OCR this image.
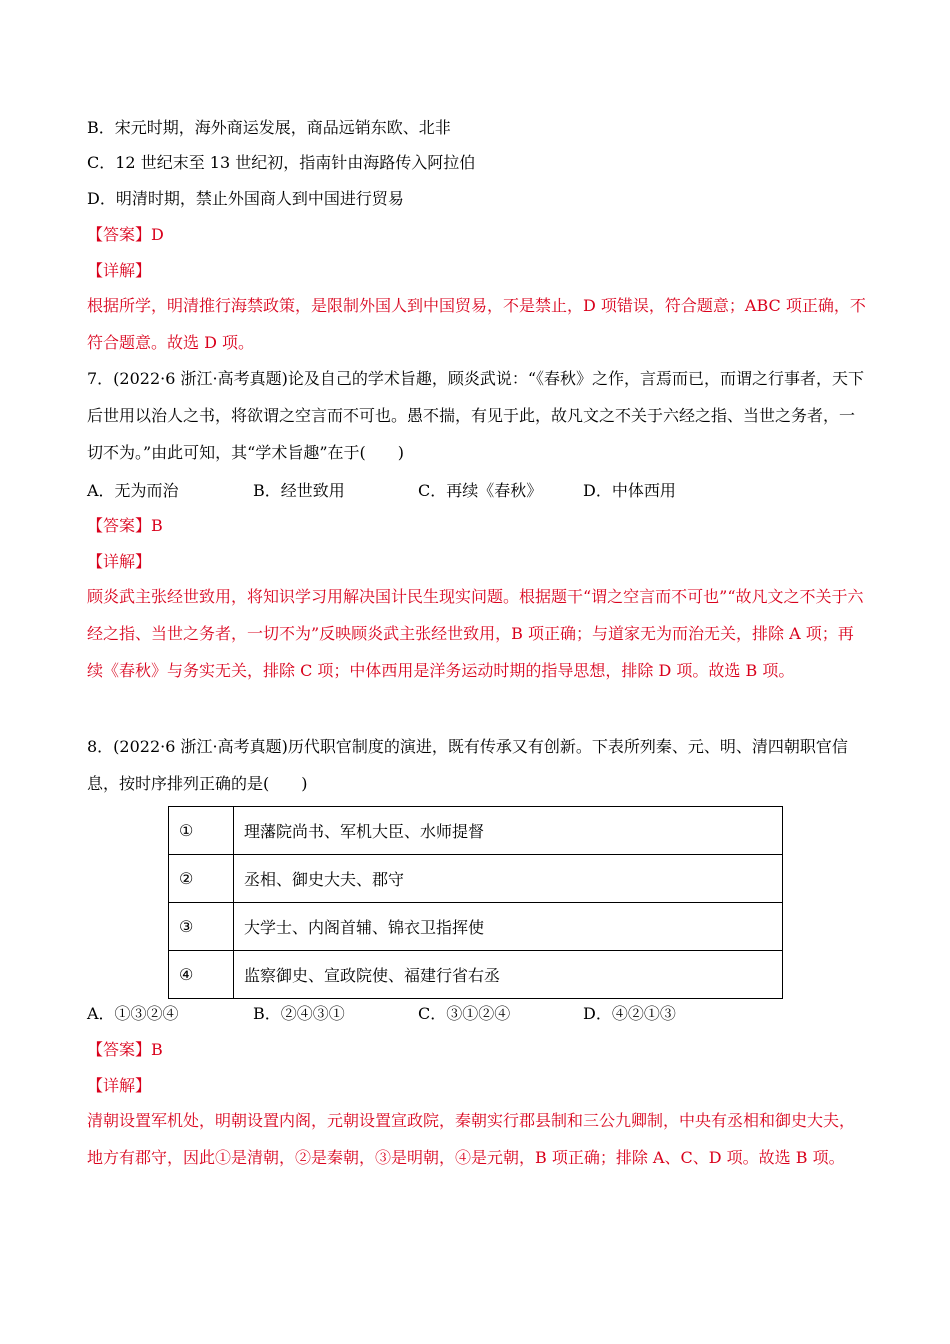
B．宋元时期，海外商运发展，商品远销东欧、北非
C．12 世纪末至 13 世纪初，指南针由海路传入阿拉伯
D．明清时期，禁止外国商人到中国进行贸易
【答案】D
【详解】
根据所学，明清推行海禁政策，是限制外国人到中国贸易，不是禁止，D 项错误，符合题意；ABC 项正确，不符合题意。故选 D 项。
7．(2022·6 浙江·高考真题)论及自己的学术旨趣，顾炎武说：“《春秋》之作，言焉而已，而谓之行事者，天下后世用以治人之书，将欲谓之空言而不可也。愚不揣，有见于此，故凡文之不关于六经之指、当世之务者，一切不为。”由此可知，其“学术旨趣”在于(　　)
A．无为而治	B．经世致用	C．再续《春秋》	D．中体西用
【答案】B
【详解】
顾炎武主张经世致用，将知识学习用解决国计民生现实问题。根据题干“谓之空言而不可也”“故凡文之不关于六经之指、当世之务者，一切不为”反映顾炎武主张经世致用，B 项正确；与道家无为而治无关，排除 A 项；再续《春秋》与务实无关，排除 C 项；中体西用是洋务运动时期的指导思想，排除 D 项。故选 B 项。
8．(2022·6 浙江·高考真题)历代职官制度的演进，既有传承又有创新。下表所列秦、元、明、清四朝职官信息，按时序排列正确的是(　　)
①	理藩院尚书、军机大臣、水师提督
②	丞相、御史大夫、郡守
③	大学士、内阁首辅、锦衣卫指挥使
④	监察御史、宣政院使、福建行省右丞
A．①③②④	B．②④③①	C．③①②④	D．④②①③
【答案】B
【详解】
清朝设置军机处，明朝设置内阁，元朝设置宣政院，秦朝实行郡县制和三公九卿制，中央有丞相和御史大夫，地方有郡守，因此①是清朝，②是秦朝，③是明朝，④是元朝，B 项正确；排除 A、C、D 项。故选 B 项。
